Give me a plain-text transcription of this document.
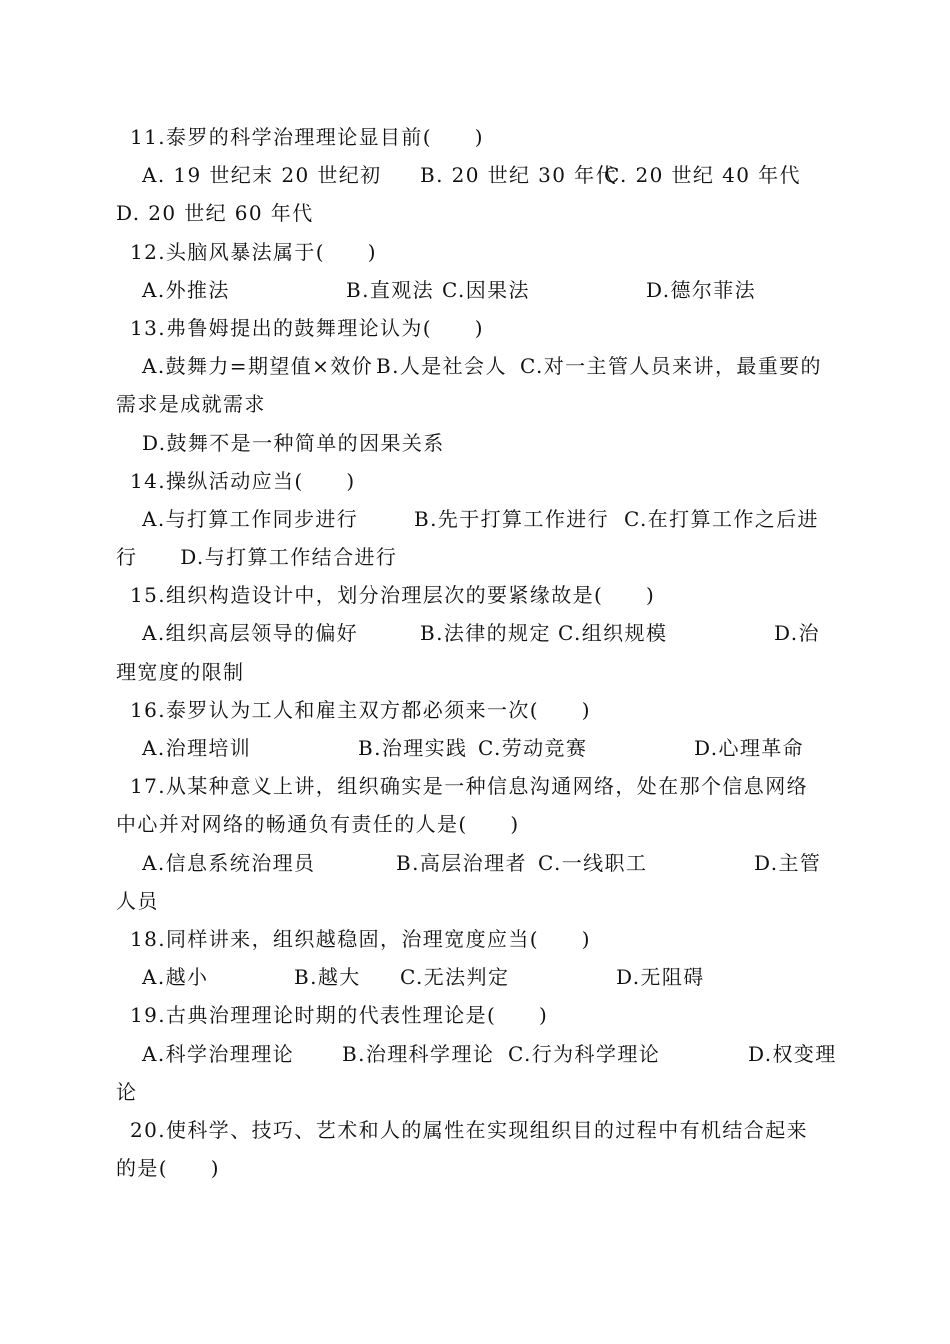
11.泰罗的科学治理理论显目前(　　)
A. 19 世纪末 20 世纪初 B. 20 世纪 30 年代
C. 20 世纪 40 年代
D. 20 世纪 60 年代
12.头脑风暴法属于(　　)
A.外推法	B.直观法 C.因果法	D.德尔菲法
13.弗鲁姆提出的鼓舞理论认为(　　)
A.鼓舞力=期望值×效价 B.人是社会人 C.对一主管人员来讲，最重要的
需求是成就需求
D.鼓舞不是一种简单的因果关系
14.操纵活动应当(　　)
A.与打算工作同步进行	B.先于打算工作进行 C.在打算工作之后进
行　　D.与打算工作结合进行
15.组织构造设计中，划分治理层次的要紧缘故是(　　)
A.组织高层领导的偏好	B.法律的规定 C.组织规模	D.治
理宽度的限制
16.泰罗认为工人和雇主双方都必须来一次(　　)
A.治理培训	B.治理实践 C.劳动竞赛	D.心理革命
17.从某种意义上讲，组织确实是一种信息沟通网络，处在那个信息网络
中心并对网络的畅通负有责任的人是(　　)
A.信息系统治理员	B.高层治理者 C.一线职工	D.主管
人员
18.同样讲来，组织越稳固，治理宽度应当(　　)
A.越小	B.越大 C.无法判定	D.无阻碍
19.古典治理理论时期的代表性理论是(　　)
A.科学治理理论 B.治理科学理论 C.行为科学理论	D.权变理
论
20.使科学、技巧、艺术和人的属性在实现组织目的过程中有机结合起来
的是(　　)
